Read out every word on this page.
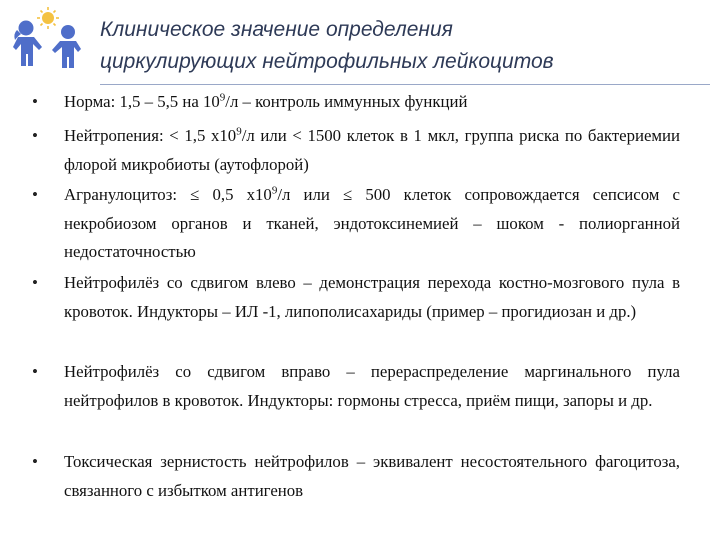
Клиническое значение определения
циркулирующих нейтрофильных лейкоцитов
• Норма: 1,5 – 5,5 на $10^9/л$ – контроль иммунных функций
• Нейтропения: < 1,5 $х10^9/л$ или < 1500 клеток в 1 мкл, группа риска по бактериемии флорой микробиоты (аутофлорой)
• Агранулоцитоз: ≤ 0,5 $х10^9/л$ или ≤ 500 клеток сопровождается сепсисом с некробиозом органов и тканей, эндотоксинемией – шоком - полиорганной недостаточностью
• Нейтрофилёз со сдвигом влево – демонстрация перехода костно-мозгового пула в кровоток. Индукторы – ИЛ -1, липополисахариды (пример – прогидиозан и др.)
• Нейтрофилёз со сдвигом вправо – перераспределение маргинального пула нейтрофилов в кровоток. Индукторы: гормоны стресса, приём пищи, запоры и др.
• Токсическая зернистость нейтрофилов – эквивалент несостоятельного фагоцитоза, связанного с избытком антигенов
